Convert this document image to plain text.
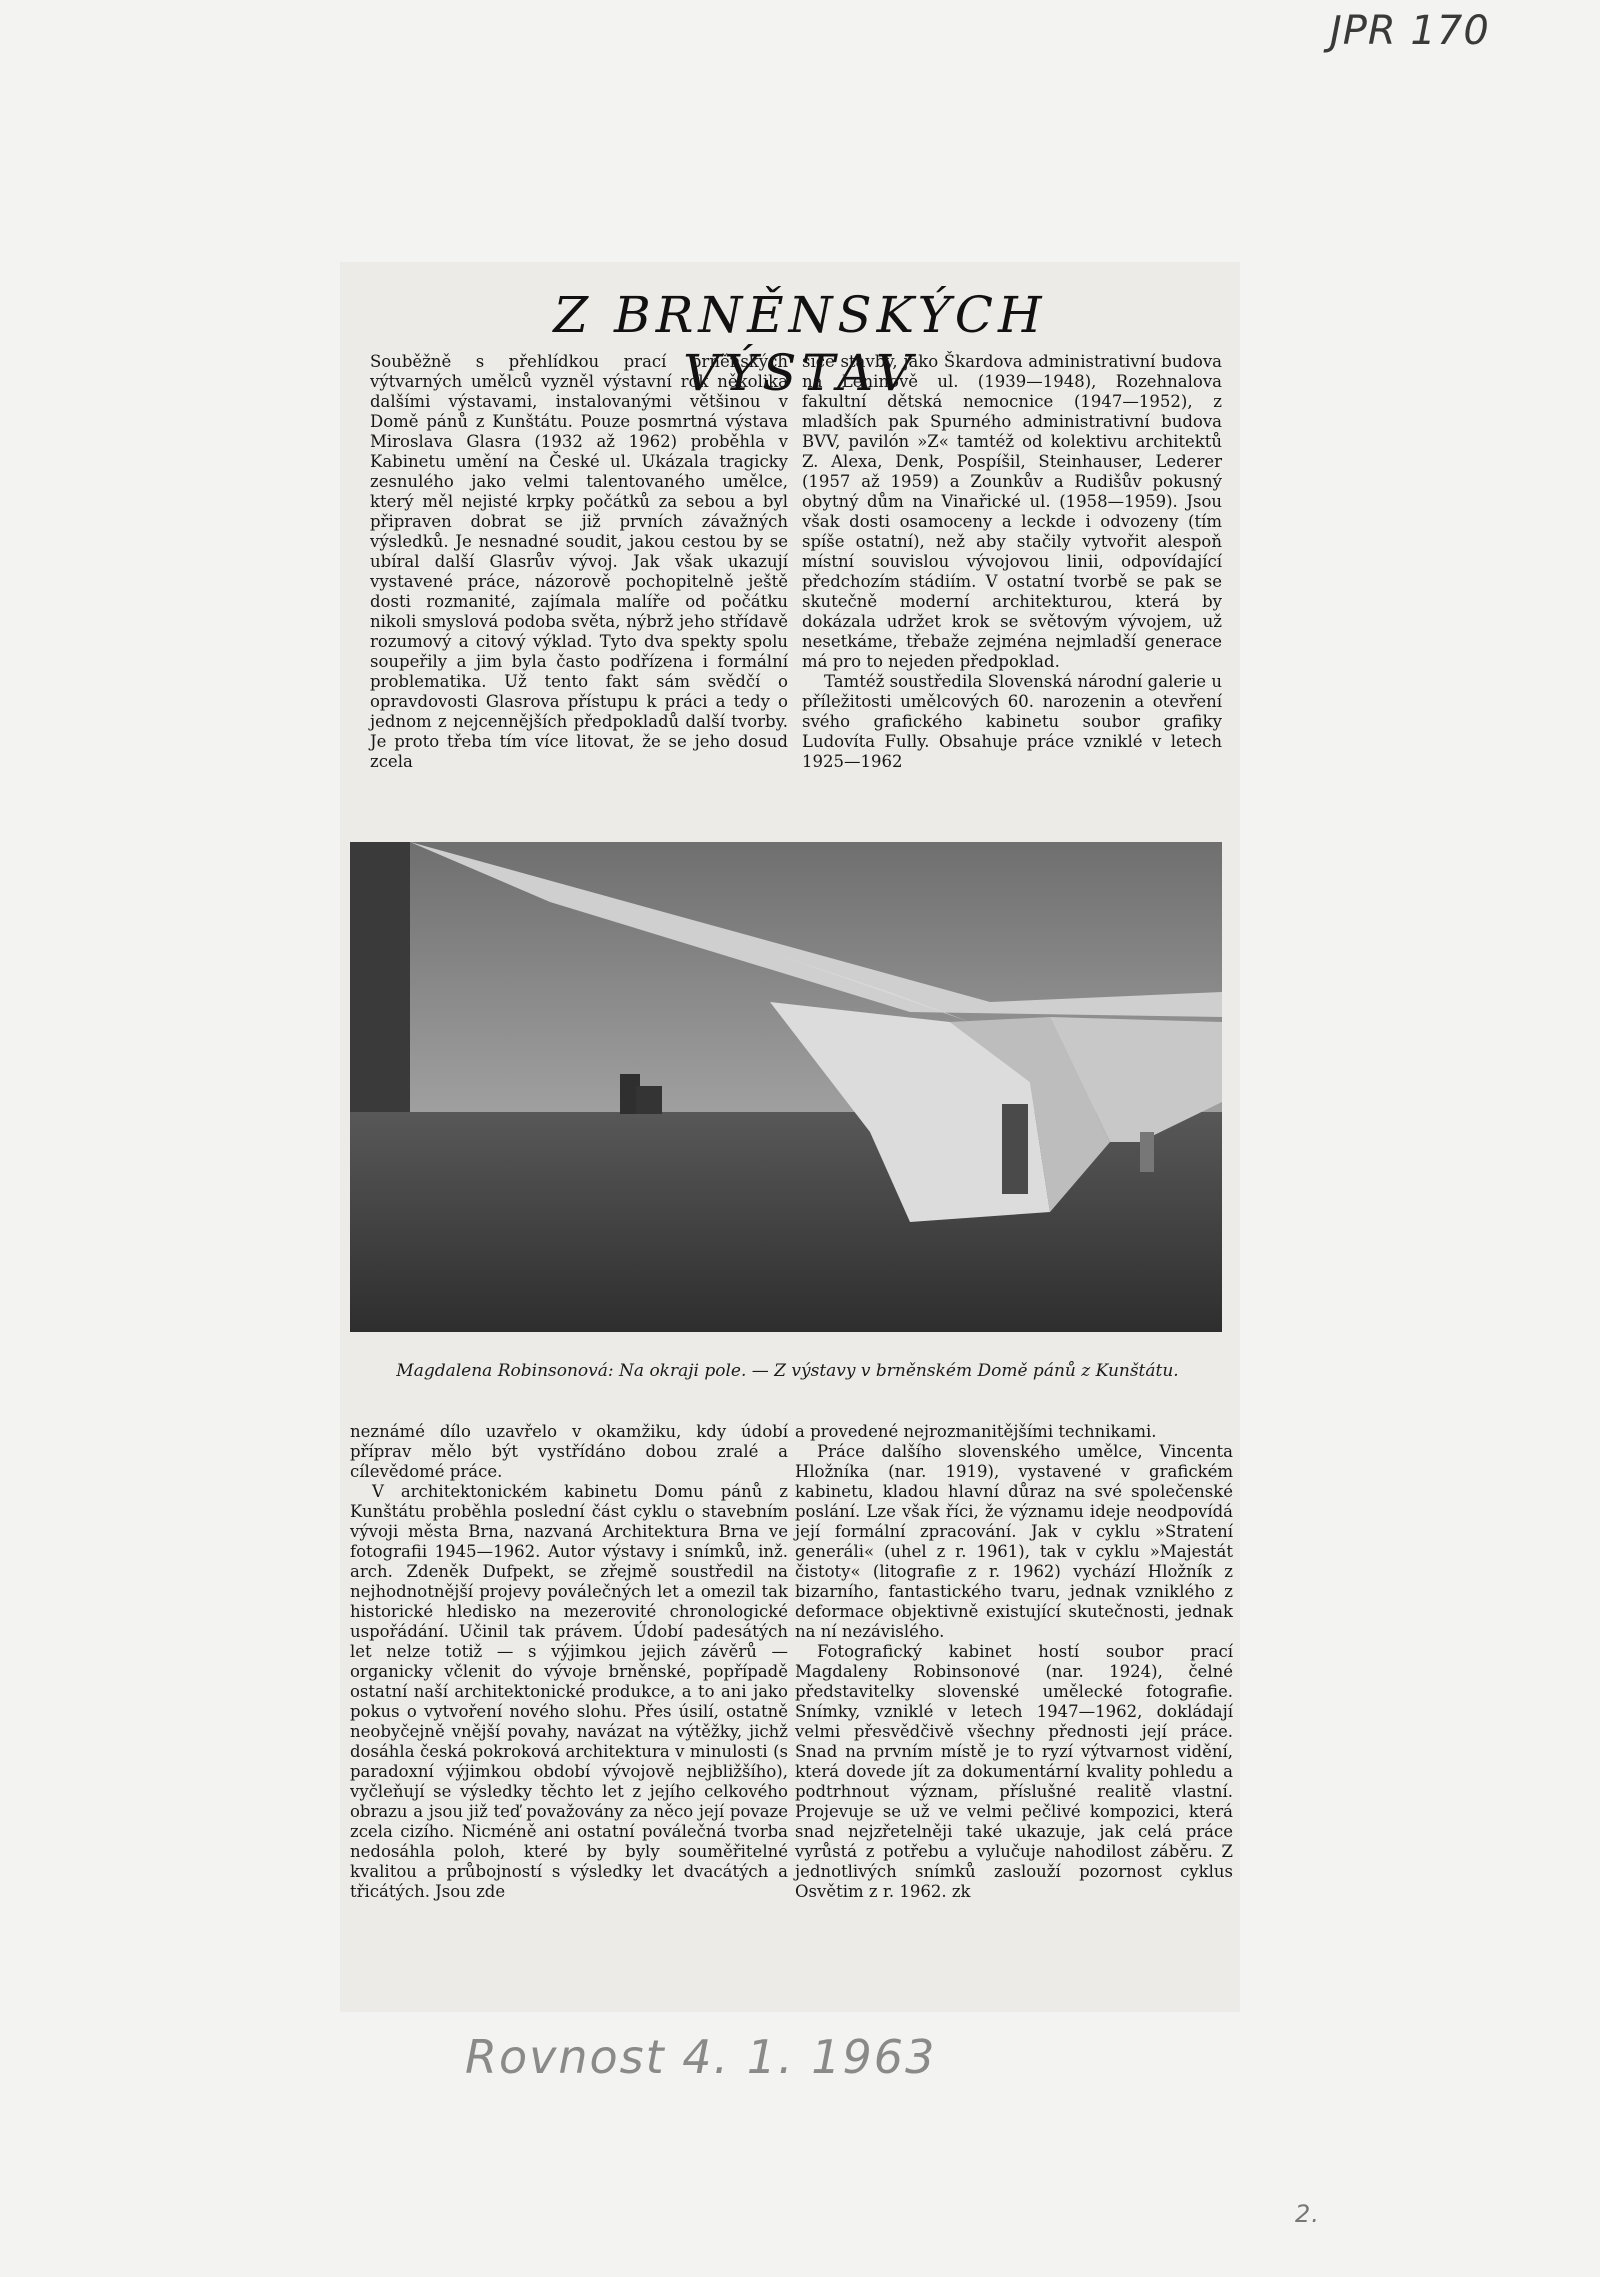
JPR 170
Z BRNĚNSKÝCH VÝSTAV

Souběžně s přehlídkou prací brněnských výtvarných umělců vyzněl výstavní rok několika dalšími výstavami, instalovanými většinou v Domě pánů z Kunštátu. Pouze posmrtná výstava Miroslava Glasra (1932 až 1962) proběhla v Kabinetu umění na České ul. Ukázala tragicky zesnulého jako velmi talentovaného umělce, který měl nejisté krpky počátků za sebou a byl připraven dobrat se již prvních závažných výsledků. Je nesnadné soudit, jakou cestou by se ubíral další Glasrův vývoj. Jak však ukazují vystavené práce, názorově pochopitelně ještě dosti rozmanité, zajímala malíře od počátku nikoli smyslová podoba světa, nýbrž jeho střídavě rozumový a citový výklad. Tyto dva spekty spolu soupeřily a jim byla často podřízena i formální problematika. Už tento fakt sám svědčí o opravdovosti Glasrova přístupu k práci a tedy o jednom z nejcennějších předpokladů další tvorby. Je proto třeba tím více litovat, že se jeho dosud zcela

sice stavby, jako Škardova administrativní budova na Leninově ul. (1939—1948), Rozehnalova fakultní dětská nemocnice (1947—1952), z mladších pak Spurného administrativní budova BVV, pavilón »Z« tamtéž od kolektivu architektů Z. Alexa, Denk, Pospíšil, Steinhauser, Lederer (1957 až 1959) a Zounkův a Rudišův pokusný obytný dům na Vinařické ul. (1958—1959). Jsou však dosti osamoceny a leckde i odvozeny (tím spíše ostatní), než aby stačily vytvořit alespoň místní souvislou vývojovou linii, odpovídající předchozím stádiím. V ostatní tvorbě se pak se skutečně moderní architekturou, která by dokázala udržet krok se světovým vývojem, už nesetkáme, třebaže zejména nejmladší generace má pro to nejeden předpoklad.

Tamtéž soustředila Slovenská národní galerie u příležitosti umělcových 60. narozenin a otevření svého grafického kabinetu soubor grafiky Ludovíta Fully. Obsahuje práce vzniklé v letech 1925—1962

Magdalena Robinsonová: Na okraji pole. — Z výstavy v brněnském Domě pánů z Kunštátu.

neznámé dílo uzavřelo v okamžiku, kdy údobí příprav mělo být vystřídáno dobou zralé a cílevědomé práce.

V architektonickém kabinetu Domu pánů z Kunštátu proběhla poslední část cyklu o stavebním vývoji města Brna, nazvaná Architektura Brna ve fotografii 1945—1962. Autor výstavy i snímků, inž. arch. Zdeněk Dufpekt, se zřejmě soustředil na nejhodnotnější projevy poválečných let a omezil tak historické hledisko na mezerovité chronologické uspořádání. Učinil tak právem. Údobí padesátých let nelze totiž — s výjimkou jejich závěrů — organicky včlenit do vývoje brněnské, popřípadě ostatní naší architektonické produkce, a to ani jako pokus o vytvoření nového slohu. Přes úsilí, ostatně neobyčejně vnější povahy, navázat na výtěžky, jichž dosáhla česká pokroková architektura v minulosti (s paradoxní výjimkou období vývojově nejbližšího), vyčleňují se výsledky těchto let z jejího celkového obrazu a jsou již teď považovány za něco její povaze zcela cizího. Nicméně ani ostatní poválečná tvorba nedosáhla poloh, které by byly souměřitelné kvalitou a průbojností s výsledky let dvacátých a třicátých. Jsou zde

a provedené nejrozmanitějšími technikami.

Práce dalšího slovenského umělce, Vincenta Hložníka (nar. 1919), vystavené v grafickém kabinetu, kladou hlavní důraz na své společenské poslání. Lze však říci, že významu ideje neodpovídá její formální zpracování. Jak v cyklu »Stratení generáli« (uhel z r. 1961), tak v cyklu »Majestát čistoty« (litografie z r. 1962) vychází Hložník z bizarního, fantastického tvaru, jednak vzniklého z deformace objektivně existující skutečnosti, jednak na ní nezávislého.

Fotografický kabinet hostí soubor prací Magdaleny Robinsonové (nar. 1924), čelné představitelky slovenské umělecké fotografie. Snímky, vzniklé v letech 1947—1962, dokládají velmi přesvědčivě všechny přednosti její práce. Snad na prvním místě je to ryzí výtvarnost vidění, která dovede jít za dokumentární kvality pohledu a podtrhnout význam, příslušné realitě vlastní. Projevuje se už ve velmi pečlivé kompozici, která snad nejzřetelněji také ukazuje, jak celá práce vyrůstá z potřebu a vylučuje nahodilost záběru. Z jednotlivých snímků zaslouží pozornost cyklus Osvětim z r. 1962. zk

Rovnost 4. 1. 1963
2.
